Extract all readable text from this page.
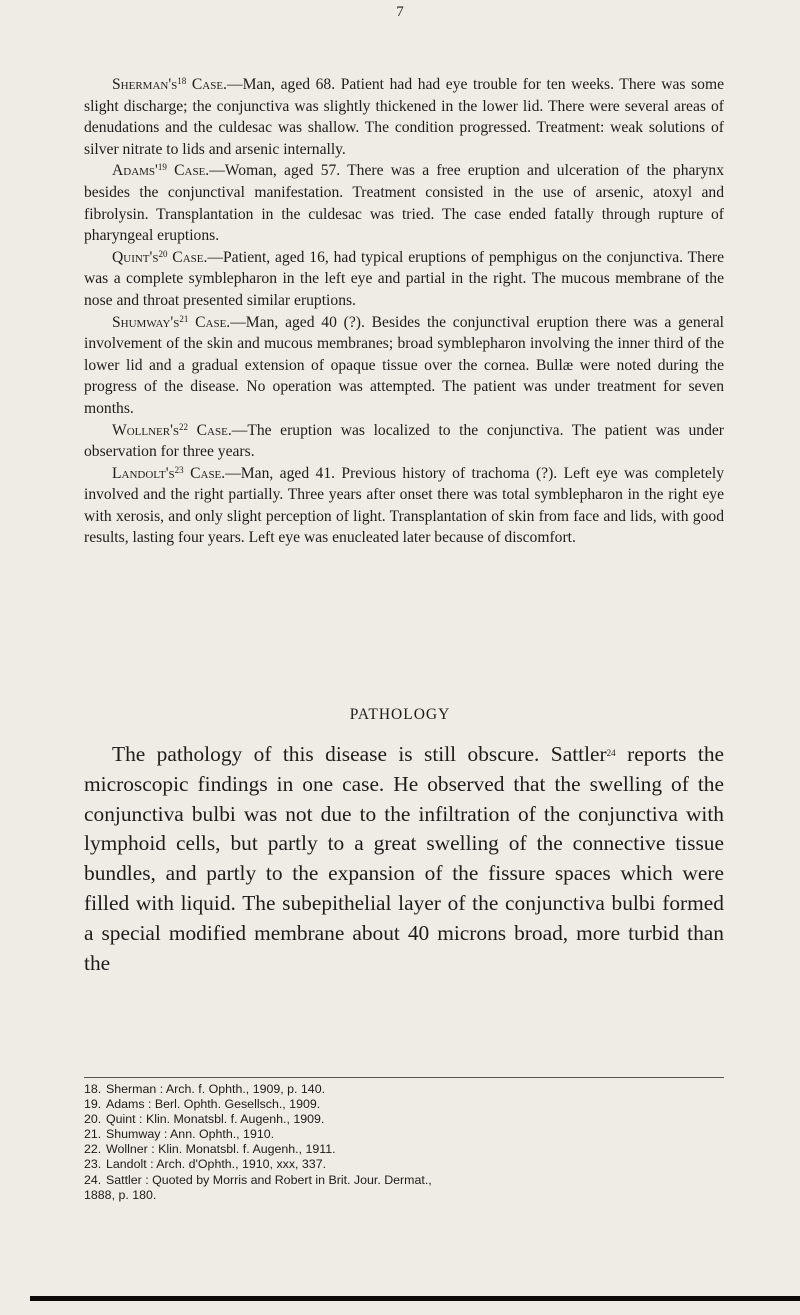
7

$Sherman's^{18}$ Case.—Man, aged 68. Patient had had eye trouble for ten weeks. There was some slight discharge; the conjunctiva was slightly thickened in the lower lid. There were several areas of denudations and the culdesac was shallow. The condition progressed. Treatment: weak solutions of silver nitrate to lids and arsenic internally.

$Adams'^{19}$ Case.—Woman, aged 57. There was a free eruption and ulceration of the pharynx besides the conjunctival manifestation. Treatment consisted in the use of arsenic, atoxyl and fibrolysin. Transplantation in the culdesac was tried. The case ended fatally through rupture of pharyngeal eruptions.

$Quint's^{20}$ Case.—Patient, aged 16, had typical eruptions of pemphigus on the conjunctiva. There was a complete symblepharon in the left eye and partial in the right. The mucous membrane of the nose and throat presented similar eruptions.

$Shumway's^{21}$ Case.—Man, aged 40 (?). Besides the conjunctival eruption there was a general involvement of the skin and mucous membranes; broad symblepharon involving the inner third of the lower lid and a gradual extension of opaque tissue over the cornea. Bullæ were noted during the progress of the disease. No operation was attempted. The patient was under treatment for seven months.

$Wollner's^{22}$ Case.—The eruption was localized to the conjunctiva. The patient was under observation for three years.

$Landolt's^{23}$ Case.—Man, aged 41. Previous history of trachoma (?). Left eye was completely involved and the right partially. Three years after onset there was total symblepharon in the right eye with xerosis, and only slight perception of light. Transplantation of skin from face and lids, with good results, lasting four years. Left eye was enucleated later because of discomfort.

PATHOLOGY

The pathology of this disease is still obscure. Sattler$^{24}$ reports the microscopic findings in one case. He observed that the swelling of the conjunctiva bulbi was not due to the infiltration of the conjunctiva with lymphoid cells, but partly to a great swelling of the connective tissue bundles, and partly to the expansion of the fissure spaces which were filled with liquid. The subepithelial layer of the conjunctiva bulbi formed a special modified membrane about 40 microns broad, more turbid than the

18. Sherman : Arch. f. Ophth., 1909, p. 140.
19. Adams : Berl. Ophth. Gesellsch., 1909.
20. Quint : Klin. Monatsbl. f. Augenh., 1909.
21. Shumway : Ann. Ophth., 1910.
22. Wollner : Klin. Monatsbl. f. Augenh., 1911.
23. Landolt : Arch. d'Ophth., 1910, xxx, 337.
24. Sattler : Quoted by Morris and Robert in Brit. Jour. Dermat.,
1888, p. 180.
